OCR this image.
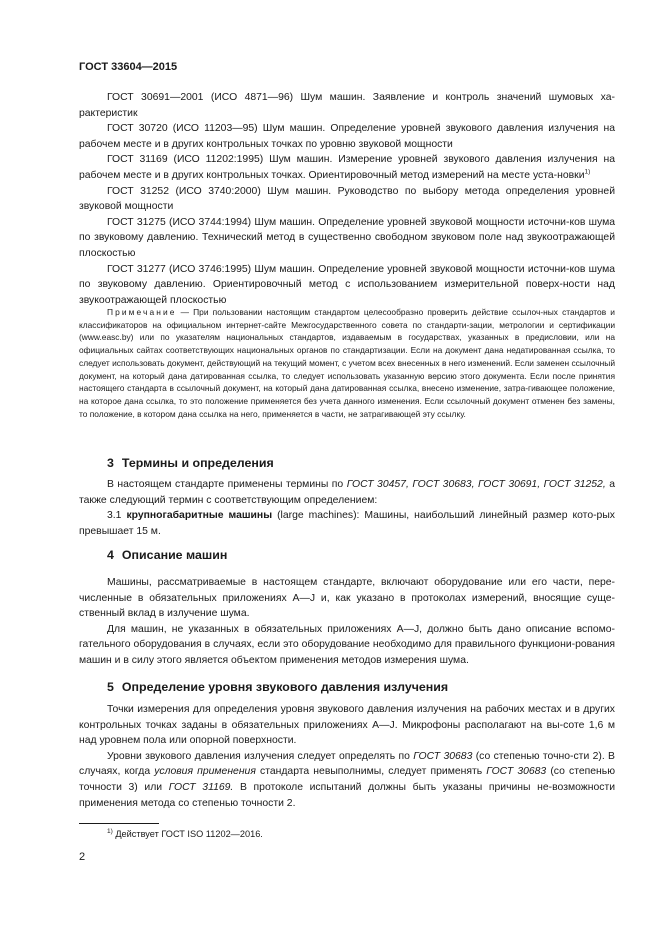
ГОСТ 33604—2015

ГОСТ 30691—2001 (ИСО 4871—96) Шум машин. Заявление и контроль значений шумовых ха-рактеристик

ГОСТ 30720 (ИСО 11203—95) Шум машин. Определение уровней звукового давления излучения на рабочем месте и в других контрольных точках по уровню звуковой мощности

ГОСТ 31169 (ИСО 11202:1995) Шум машин. Измерение уровней звукового давления излучения на рабочем месте и в других контрольных точках. Ориентировочный метод измерений на месте уста-новки$^{1)}$

ГОСТ 31252 (ИСО 3740:2000) Шум машин. Руководство по выбору метода определения уровней звуковой мощности

ГОСТ 31275 (ИСО 3744:1994) Шум машин. Определение уровней звуковой мощности источни-ков шума по звуковому давлению. Технический метод в существенно свободном звуковом поле над звукоотражающей плоскостью

ГОСТ 31277 (ИСО 3746:1995) Шум машин. Определение уровней звуковой мощности источни-ков шума по звуковому давлению. Ориентировочный метод с использованием измерительной поверх-ности над звукоотражающей плоскостью

Примечание — При пользовании настоящим стандартом целесообразно проверить действие ссылоч-ных стандартов и классификаторов на официальном интернет-сайте Межгосударственного совета по стандарти-зации, метрологии и сертификации (www.easc.by) или по указателям национальных стандартов, издаваемым в государствах, указанных в предисловии, или на официальных сайтах соответствующих национальных органов по стандартизации. Если на документ дана недатированная ссылка, то следует использовать документ, действующий на текущий момент, с учетом всех внесенных в него изменений. Если заменен ссылочный документ, на который дана датированная ссылка, то следует использовать указанную версию этого документа. Если после принятия настоящего стандарта в ссылочный документ, на который дана датированная ссылка, внесено изменение, затра-гивающее положение, на которое дана ссылка, то это положение применяется без учета данного изменения. Если ссылочный документ отменен без замены, то положение, в котором дана ссылка на него, применяется в части, не затрагивающей эту ссылку.

3 Термины и определения

В настоящем стандарте применены термины по ГОСТ 30457, ГОСТ 30683, ГОСТ 30691, ГОСТ 31252, а также следующий термин с соответствующим определением:

3.1 крупногабаритные машины (large machines): Машины, наибольший линейный размер кото-рых превышает 15 м.

4 Описание машин

Машины, рассматриваемые в настоящем стандарте, включают оборудование или его части, пере-численные в обязательных приложениях А—J и, как указано в протоколах измерений, вносящие суще-ственный вклад в излучение шума.

Для машин, не указанных в обязательных приложениях А—J, должно быть дано описание вспомо-гательного оборудования в случаях, если это оборудование необходимо для правильного функциони-рования машин и в силу этого является объектом применения методов измерения шума.

5 Определение уровня звукового давления излучения

Точки измерения для определения уровня звукового давления излучения на рабочих местах и в других контрольных точках заданы в обязательных приложениях А—J. Микрофоны располагают на вы-соте 1,6 м над уровнем пола или опорной поверхности.

Уровни звукового давления излучения следует определять по ГОСТ 30683 (со степенью точно-сти 2). В случаях, когда условия применения стандарта невыполнимы, следует применять ГОСТ 30683 (со степенью точности 3) или ГОСТ 31169. В протоколе испытаний должны быть указаны причины не-возможности применения метода со степенью точности 2.

$^{1)}$ Действует ГОСТ ISO 11202—2016.
2
